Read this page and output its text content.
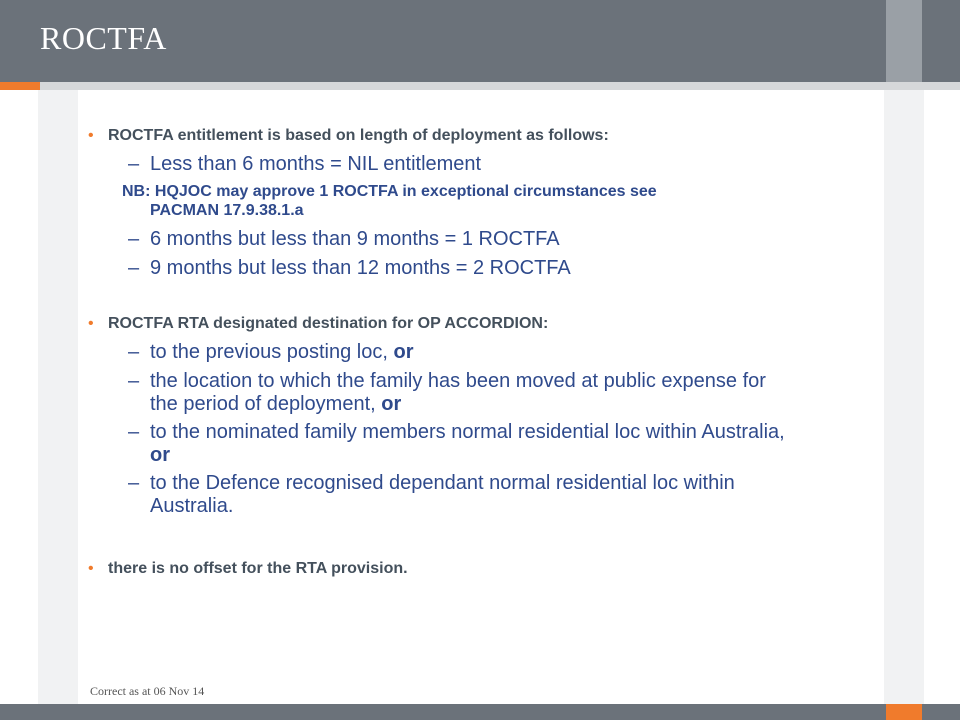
ROCTFA
• ROCTFA entitlement is based on length of deployment as follows:
– Less than 6 months = NIL entitlement
NB: HQJOC may approve 1 ROCTFA in exceptional circumstances see
PACMAN 17.9.38.1.a
– 6 months but less than 9 months = 1 ROCTFA
– 9 months but less than 12 months = 2 ROCTFA
• ROCTFA RTA designated destination for OP ACCORDION:
– to the previous posting loc, or
– the location to which the family has been moved at public expense for
the period of deployment, or
– to the nominated family members normal residential loc within Australia,
or
– to the Defence recognised dependant normal residential loc within
Australia.
• there is no offset for the RTA provision.
Correct as at 06 Nov 14
